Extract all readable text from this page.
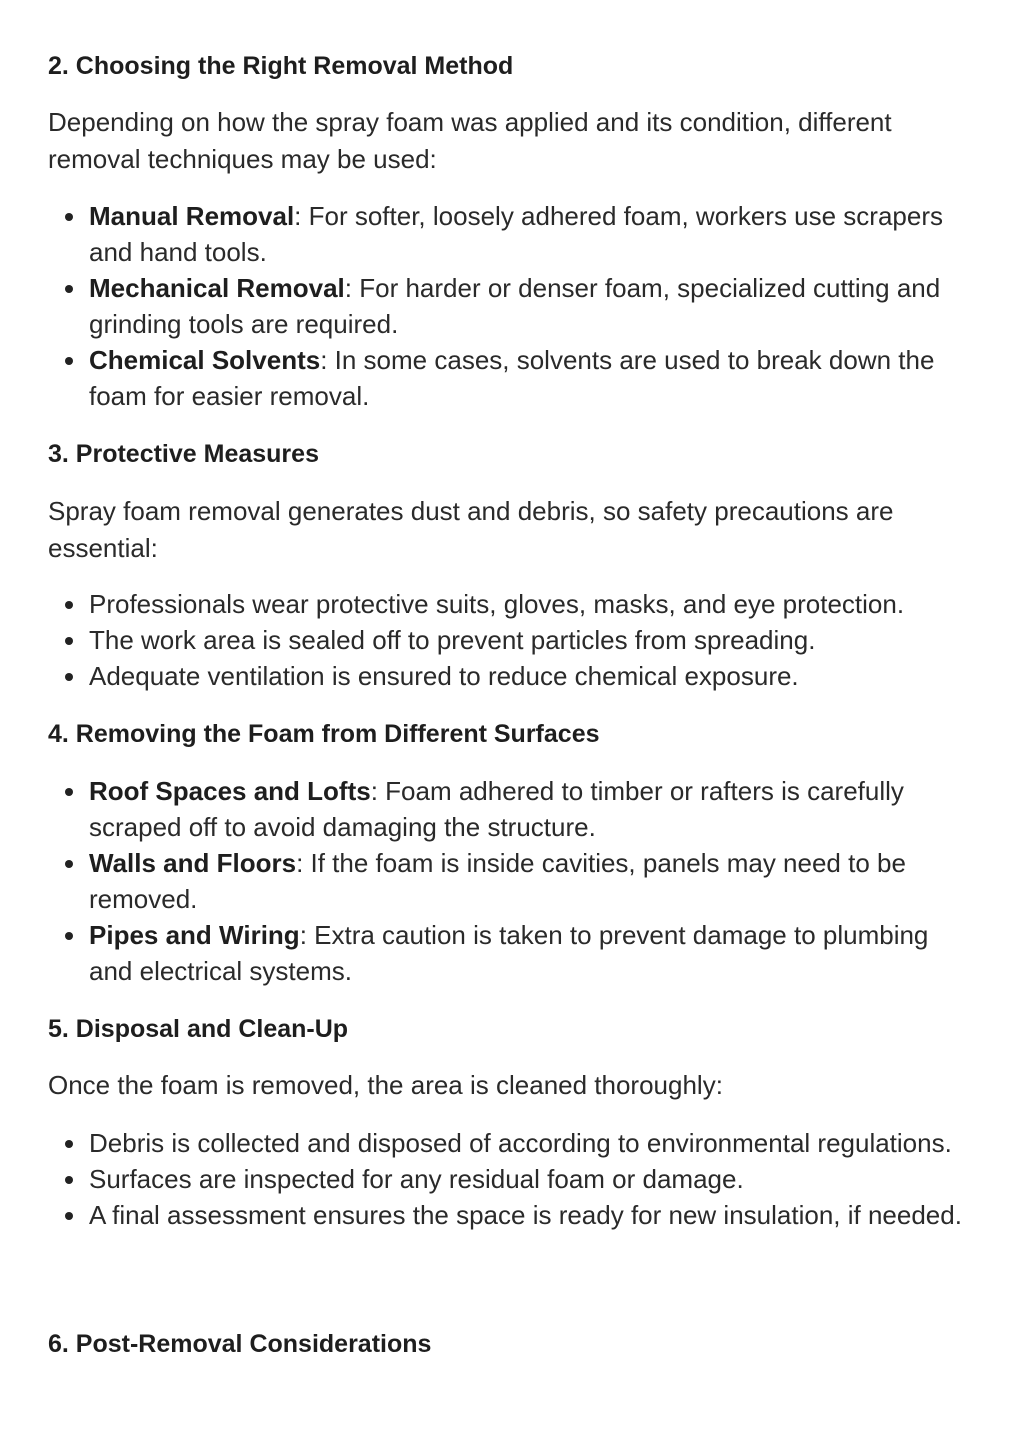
2. Choosing the Right Removal Method
Depending on how the spray foam was applied and its condition, different removal techniques may be used:
Manual Removal: For softer, loosely adhered foam, workers use scrapers and hand tools.
Mechanical Removal: For harder or denser foam, specialized cutting and grinding tools are required.
Chemical Solvents: In some cases, solvents are used to break down the foam for easier removal.
3. Protective Measures
Spray foam removal generates dust and debris, so safety precautions are essential:
Professionals wear protective suits, gloves, masks, and eye protection.
The work area is sealed off to prevent particles from spreading.
Adequate ventilation is ensured to reduce chemical exposure.
4. Removing the Foam from Different Surfaces
Roof Spaces and Lofts: Foam adhered to timber or rafters is carefully scraped off to avoid damaging the structure.
Walls and Floors: If the foam is inside cavities, panels may need to be removed.
Pipes and Wiring: Extra caution is taken to prevent damage to plumbing and electrical systems.
5. Disposal and Clean-Up
Once the foam is removed, the area is cleaned thoroughly:
Debris is collected and disposed of according to environmental regulations.
Surfaces are inspected for any residual foam or damage.
A final assessment ensures the space is ready for new insulation, if needed.
6. Post-Removal Considerations
